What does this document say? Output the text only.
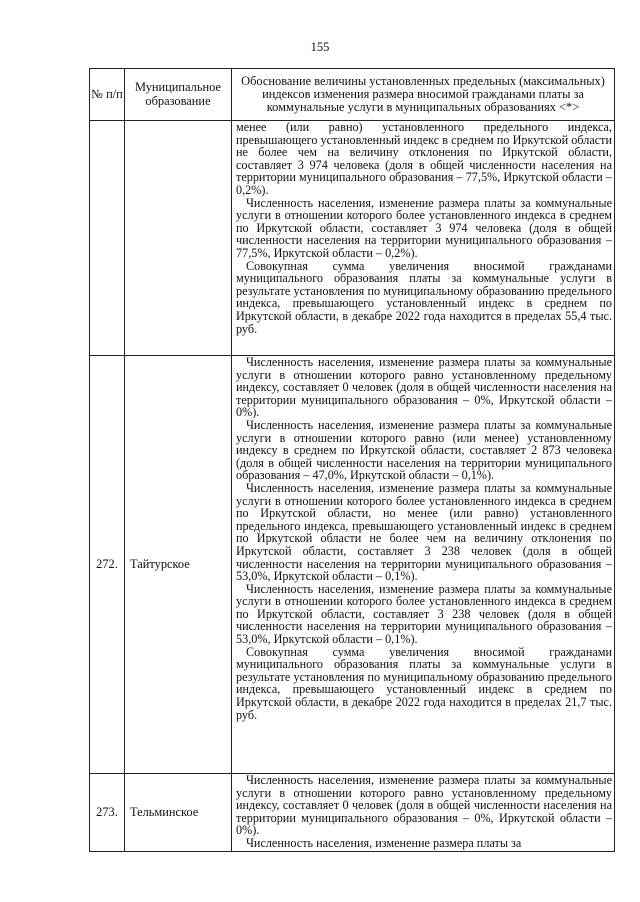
155
№ п/п	Муниципальное образование	Обоснование величины установленных предельных (максимальных) индексов изменения размера вносимой гражданами платы за коммунальные услуги в муниципальных образованиях <*>

		менее (или равно) установленного предельного индекса, превышающего установленный индекс в среднем по Иркутской области не более чем на величину отклонения по Иркутской области, составляет 3 974 человека (доля в общей численности населения на территории муниципального образования – 77,5%, Иркутской области – 0,2%).

Численность населения, изменение размера платы за коммунальные услуги в отношении которого более установленного индекса в среднем по Иркутской области, составляет 3 974 человека (доля в общей численности населения на территории муниципального образования – 77,5%, Иркутской области – 0,2%).

Совокупная сумма увеличения вносимой гражданами муниципального образования платы за коммунальные услуги в результате установления по муниципальному образованию предельного индекса, превышающего установленный индекс в среднем по Иркутской области, в декабре 2022 года находится в пределах 55,4 тыс. руб.

272.	Тайтурское	Численность населения, изменение размера платы за коммунальные услуги в отношении которого равно установленному предельному индексу, составляет 0 человек (доля в общей численности населения на территории муниципального образования – 0%, Иркутской области – 0%).

Численность населения, изменение размера платы за коммунальные услуги в отношении которого равно (или менее) установленному индексу в среднем по Иркутской области, составляет 2 873 человека (доля в общей численности населения на территории муниципального образования – 47,0%, Иркутской области – 0,1%).

Численность населения, изменение размера платы за коммунальные услуги в отношении которого более установленного индекса в среднем по Иркутской области, но менее (или равно) установленного предельного индекса, превышающего установленный индекс в среднем по Иркутской области не более чем на величину отклонения по Иркутской области, составляет 3 238 человек (доля в общей численности населения на территории муниципального образования – 53,0%, Иркутской области – 0,1%).

Численность населения, изменение размера платы за коммунальные услуги в отношении которого более установленного индекса в среднем по Иркутской области, составляет 3 238 человек (доля в общей численности населения на территории муниципального образования – 53,0%, Иркутской области – 0,1%).

Совокупная сумма увеличения вносимой гражданами муниципального образования платы за коммунальные услуги в результате установления по муниципальному образованию предельного индекса, превышающего установленный индекс в среднем по Иркутской области, в декабре 2022 года находится в пределах 21,7 тыс. руб.

273.	Тельминское	Численность населения, изменение размера платы за коммунальные услуги в отношении которого равно установленному предельному индексу, составляет 0 человек (доля в общей численности населения на территории муниципального образования – 0%, Иркутской области – 0%).

Численность населения, изменение размера платы за
